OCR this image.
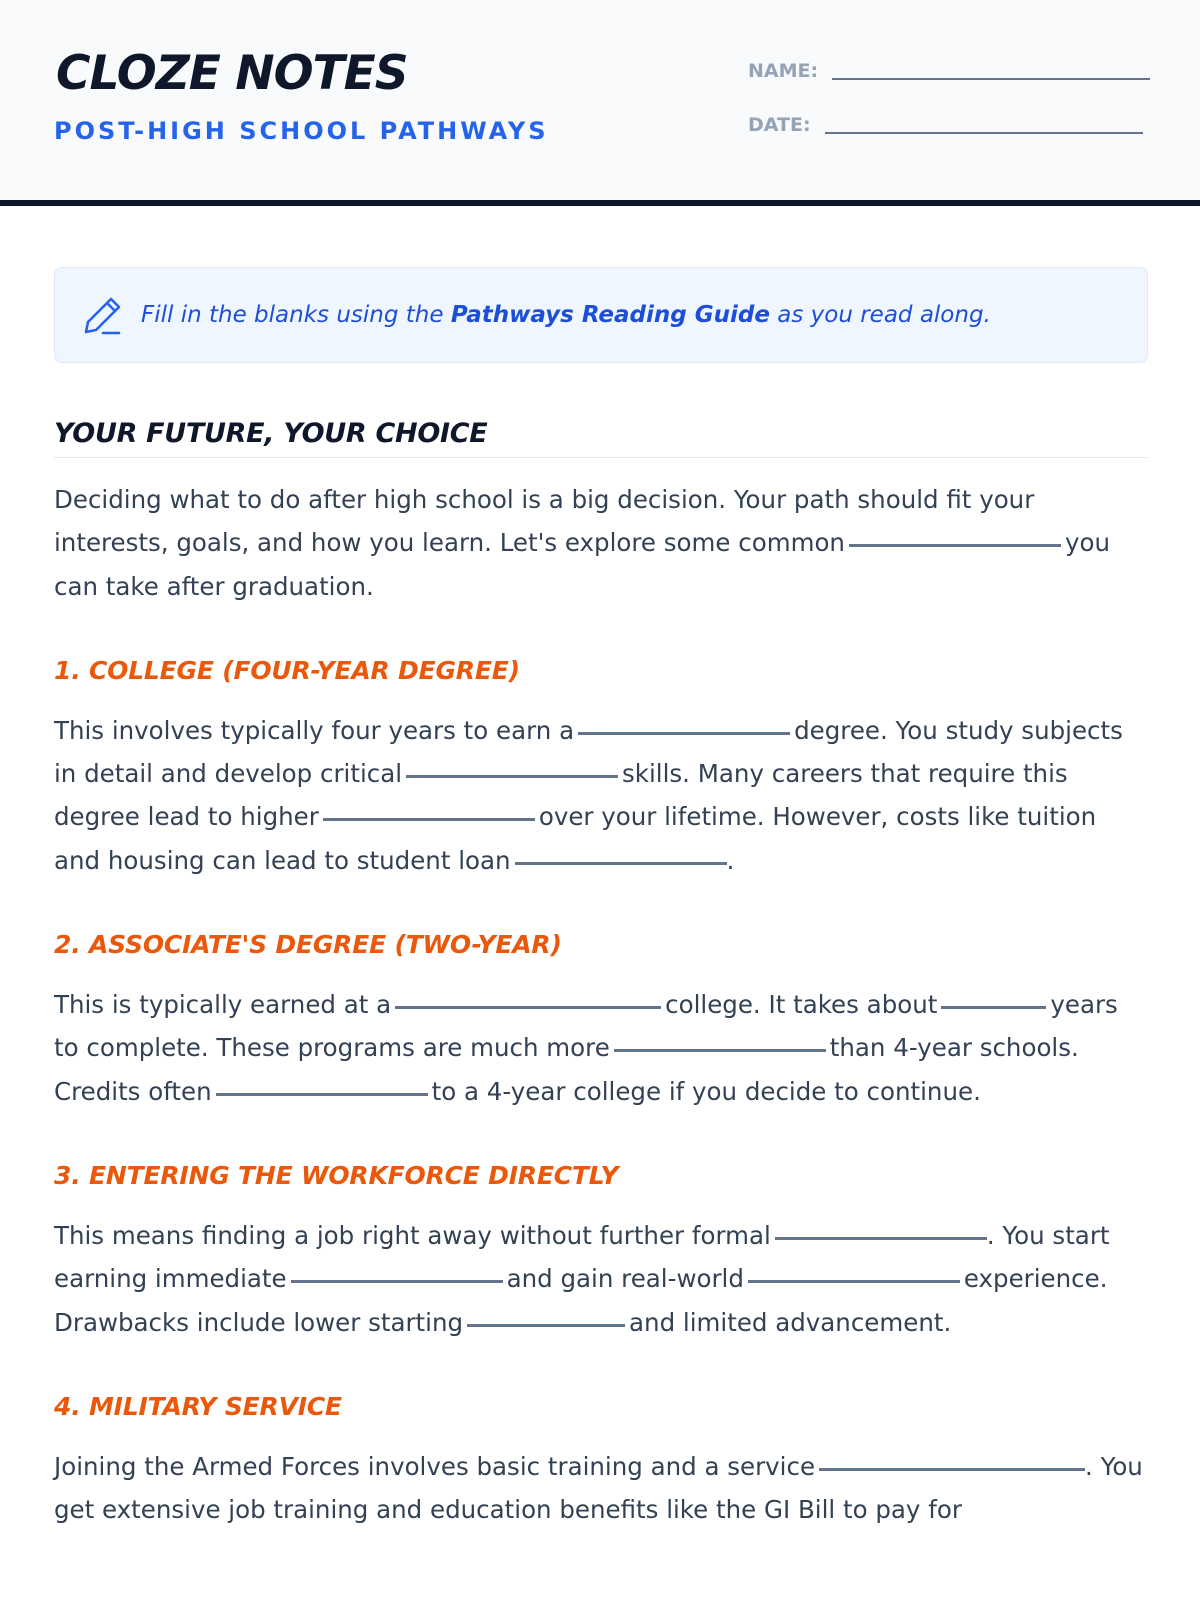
CLOZE NOTES
POST-HIGH SCHOOL PATHWAYS
NAME:
DATE:
Fill in the blanks using the Pathways Reading Guide as you read along.
YOUR FUTURE, YOUR CHOICE

Deciding what to do after high school is a big decision. Your path should fit your interests, goals, and how you learn. Let's explore some common	you can take after graduation.

1. COLLEGE (FOUR-YEAR DEGREE)

This involves typically four years to earn a	degree. You study subjects in detail and develop critical	skills. Many careers that require this degree lead to higher	over your lifetime. However, costs like tuition and housing can lead to student loan	.

2. ASSOCIATE'S DEGREE (TWO-YEAR)

This is typically earned at a	college. It takes about	years to complete. These programs are much more	than 4-year schools. Credits often	to a 4-year college if you decide to continue.

3. ENTERING THE WORKFORCE DIRECTLY

This means finding a job right away without further formal	. You start earning immediate	and gain real-world	experience. Drawbacks include lower starting	and limited advancement.

4. MILITARY SERVICE

Joining the Armed Forces involves basic training and a service	. You get extensive job training and education benefits like the GI Bill to pay for
